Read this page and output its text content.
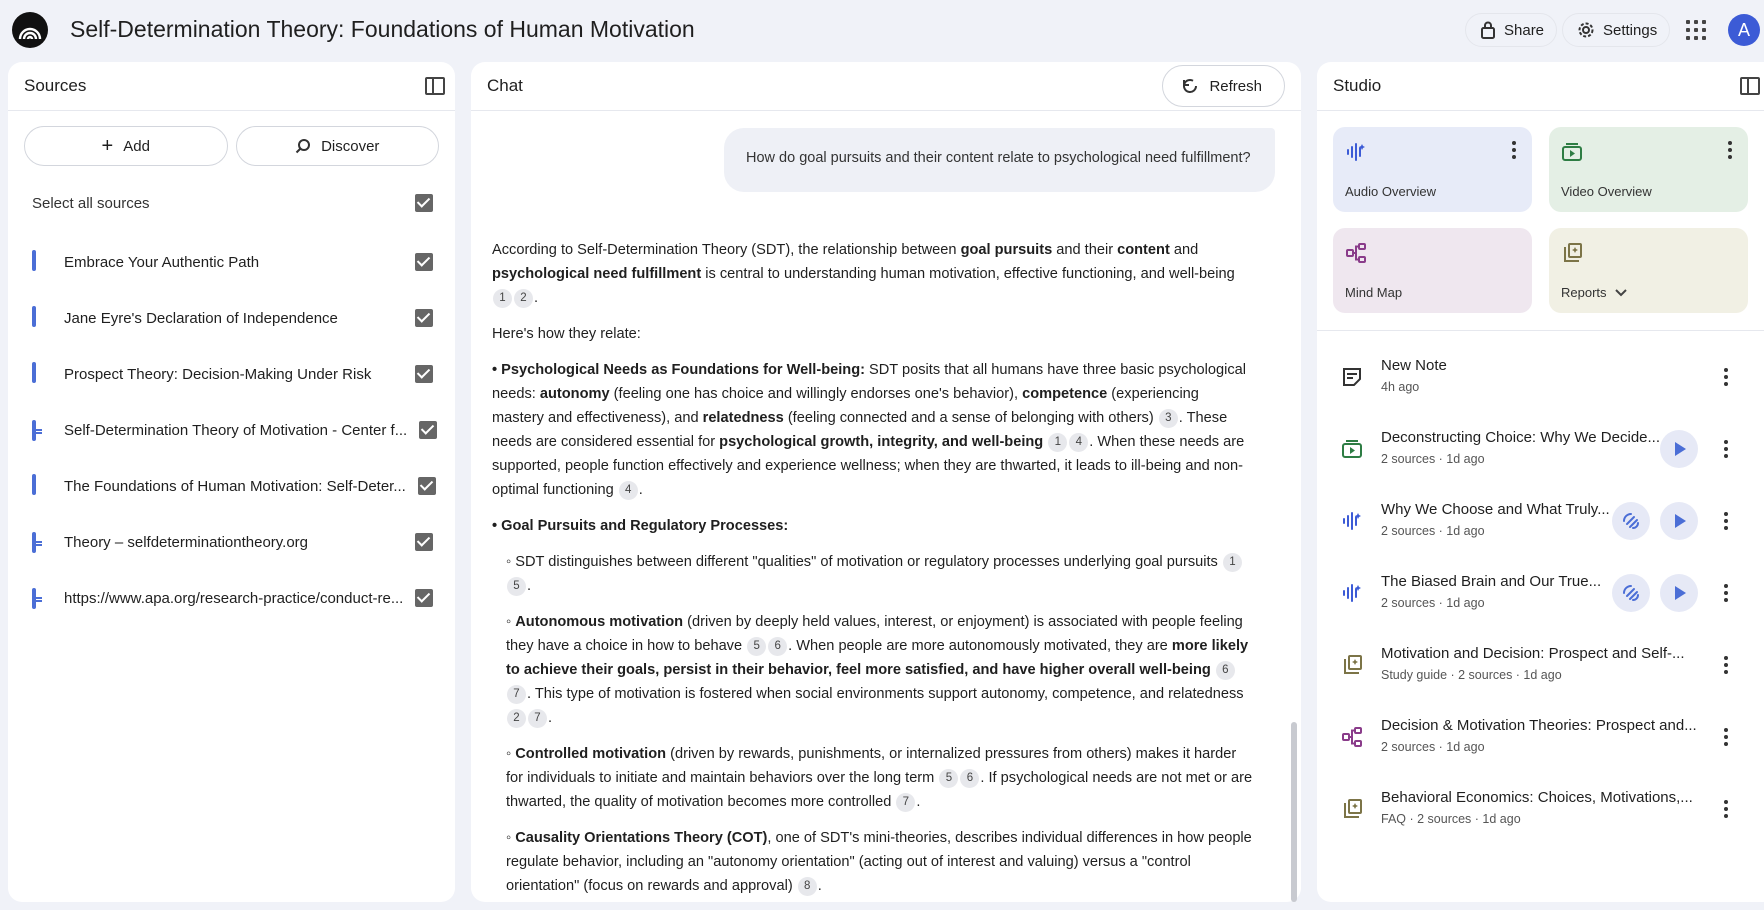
Self-Determination Theory: Foundations of Human Motivation	Share	Settings	A
Sources
+ Add	Discover
Select all sources
Embrace Your Authentic Path
Jane Eyre's Declaration of Independence
Prospect Theory: Decision-Making Under Risk
Self-Determination Theory of Motivation - Center f...
The Foundations of Human Motivation: Self-Deter...
Theory – selfdeterminationtheory.org
https://www.apa.org/research-practice/conduct-re...
Chat	Refresh
How do goal pursuits and their content relate to psychological need fulfillment?

According to Self-Determination Theory (SDT), the relationship between goal pursuits and their content and psychological need fulfillment is central to understanding human motivation, effective functioning, and well-being 1 2 .

Here's how they relate:

• Psychological Needs as Foundations for Well-being: SDT posits that all humans have three basic psychological needs: autonomy (feeling one has choice and willingly endorses one's behavior), competence (experiencing mastery and effectiveness), and relatedness (feeling connected and a sense of belonging with others) 3 . These needs are considered essential for psychological growth, integrity, and well-being 1 4 . When these needs are supported, people function effectively and experience wellness; when they are thwarted, it leads to ill-being and non-optimal functioning 4 .

• Goal Pursuits and Regulatory Processes:

◦ SDT distinguishes between different "qualities" of motivation or regulatory processes underlying goal pursuits 15 .

◦ Autonomous motivation (driven by deeply held values, interest, or enjoyment) is associated with people feeling they have a choice in how to behave 5 6 . When people are more autonomously motivated, they are more likely to achieve their goals, persist in their behavior, feel more satisfied, and have higher overall well-being 67 . This type of motivation is fostered when social environments support autonomy, competence, and relatedness 2 7 .

◦ Controlled motivation (driven by rewards, punishments, or internalized pressures from others) makes it harder for individuals to initiate and maintain behaviors over the long term 5 6 . If psychological needs are not met or are thwarted, the quality of motivation becomes more controlled 7 .

◦ Causality Orientations Theory (COT), one of SDT's mini-theories, describes individual differences in how people regulate behavior, including an "autonomy orientation" (acting out of interest and valuing) versus a "control orientation" (focus on rewards and approval) 8 .

Studio
Audio Overview	Video Overview
Mind Map	Reports
New Note
4h ago
Deconstructing Choice: Why We Decide...
2 sources · 1d ago
Why We Choose and What Truly...
2 sources · 1d ago
The Biased Brain and Our True...
2 sources · 1d ago
Motivation and Decision: Prospect and Self-...
Study guide · 2 sources · 1d ago
Decision & Motivation Theories: Prospect and...
2 sources · 1d ago
Behavioral Economics: Choices, Motivations,...
FAQ · 2 sources · 1d ago
